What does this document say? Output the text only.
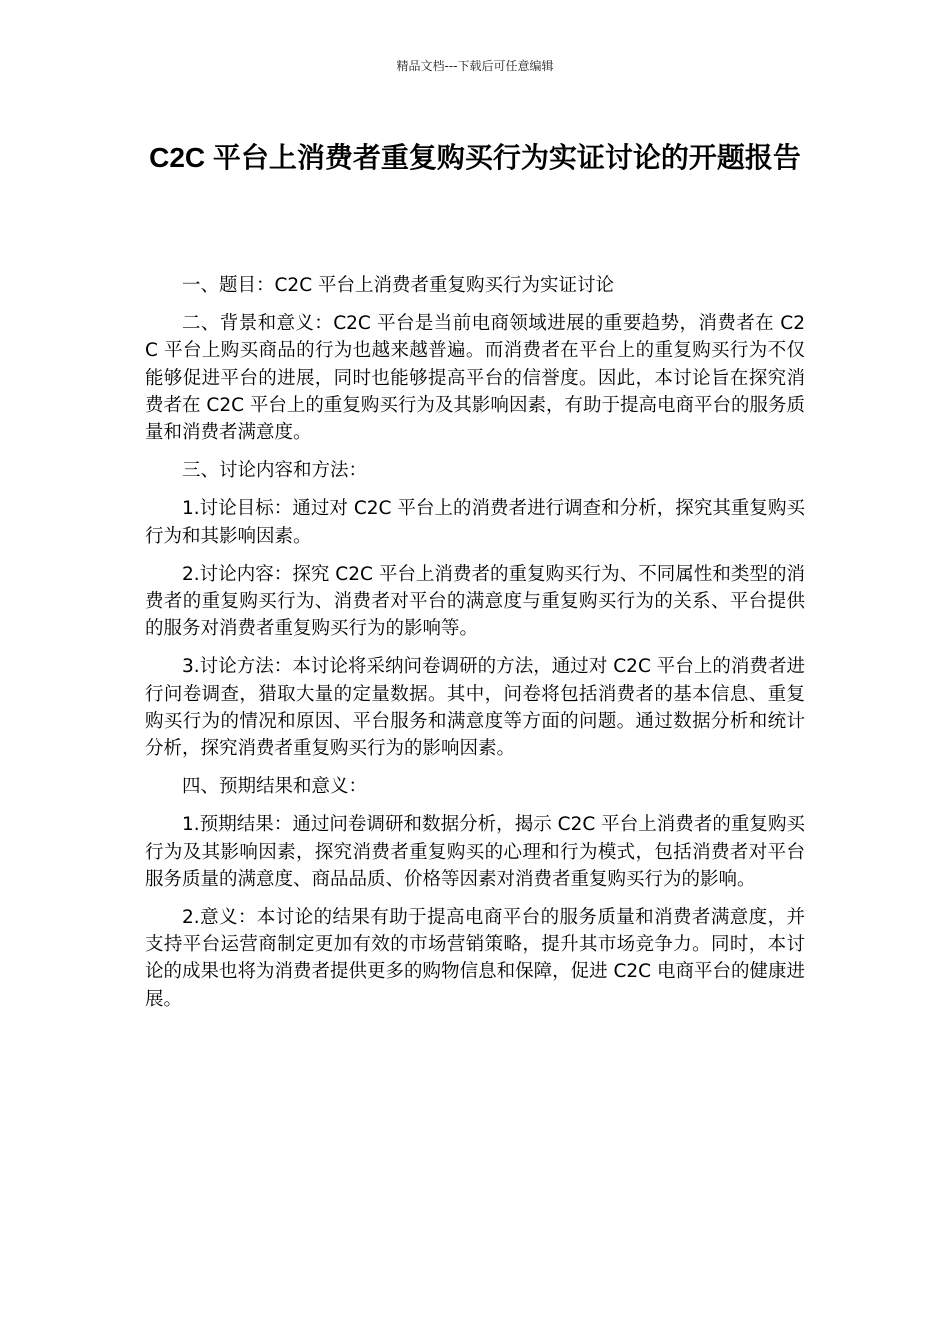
精品文档---下载后可任意编辑
C2C 平台上消费者重复购买行为实证讨论的开题报告

一、题目：C2C 平台上消费者重复购买行为实证讨论

二、背景和意义：C2C 平台是当前电商领域进展的重要趋势，消费者在 C2C 平台上购买商品的行为也越来越普遍。而消费者在平台上的重复购买行为不仅能够促进平台的进展，同时也能够提高平台的信誉度。因此，本讨论旨在探究消费者在 C2C 平台上的重复购买行为及其影响因素，有助于提高电商平台的服务质量和消费者满意度。

三、讨论内容和方法：

1.讨论目标：通过对 C2C 平台上的消费者进行调查和分析，探究其重复购买行为和其影响因素。

2.讨论内容：探究 C2C 平台上消费者的重复购买行为、不同属性和类型的消费者的重复购买行为、消费者对平台的满意度与重复购买行为的关系、平台提供的服务对消费者重复购买行为的影响等。

3.讨论方法：本讨论将采纳问卷调研的方法，通过对 C2C 平台上的消费者进行问卷调查，猎取大量的定量数据。其中，问卷将包括消费者的基本信息、重复购买行为的情况和原因、平台服务和满意度等方面的问题。通过数据分析和统计分析，探究消费者重复购买行为的影响因素。

四、预期结果和意义：

1.预期结果：通过问卷调研和数据分析，揭示 C2C 平台上消费者的重复购买行为及其影响因素，探究消费者重复购买的心理和行为模式，包括消费者对平台服务质量的满意度、商品品质、价格等因素对消费者重复购买行为的影响。

2.意义：本讨论的结果有助于提高电商平台的服务质量和消费者满意度，并支持平台运营商制定更加有效的市场营销策略，提升其市场竞争力。同时，本讨论的成果也将为消费者提供更多的购物信息和保障，促进 C2C 电商平台的健康进展。
